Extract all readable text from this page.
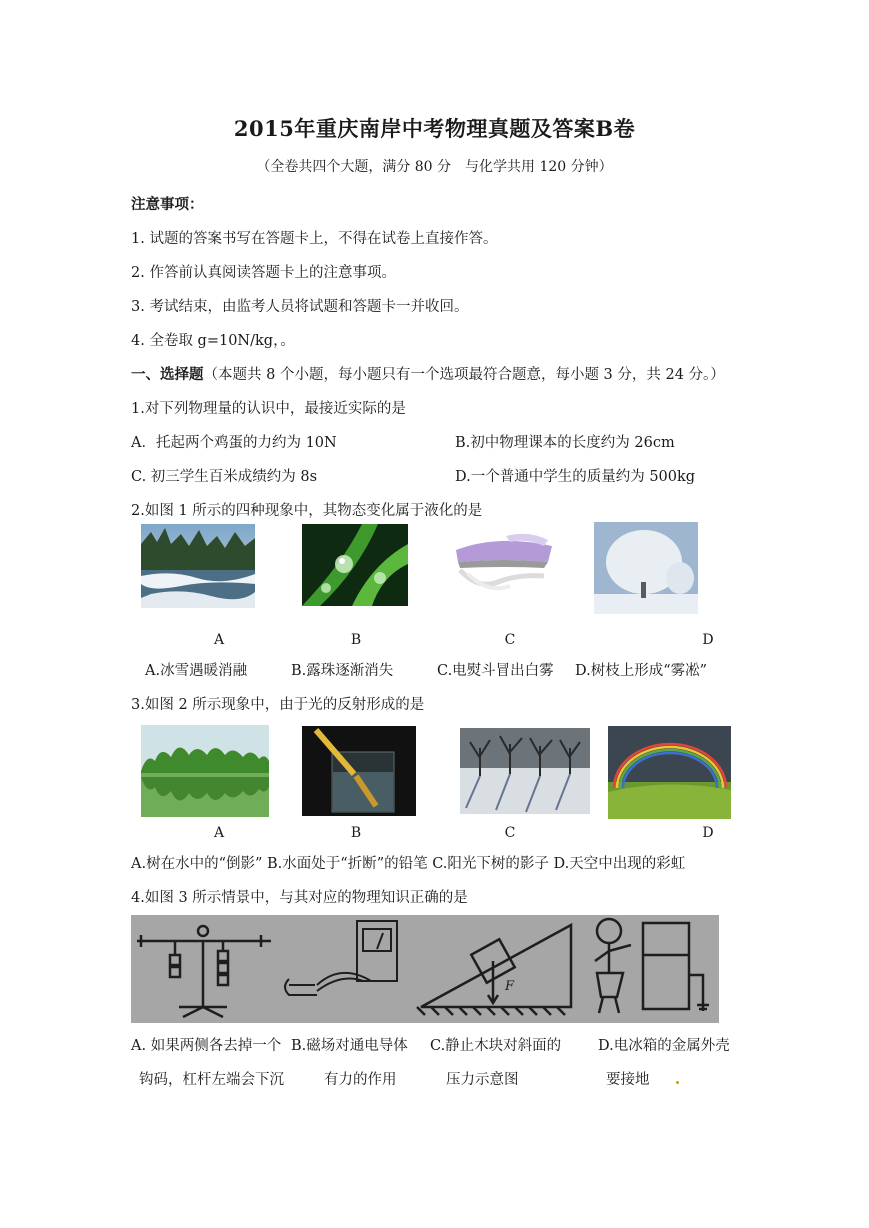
2015年重庆南岸中考物理真题及答案B卷
（全卷共四个大题，满分 80 分　与化学共用 120 分钟）
注意事项：
1. 试题的答案书写在答题卡上，不得在试卷上直接作答。
2. 作答前认真阅读答题卡上的注意事项。
3. 考试结束，由监考人员将试题和答题卡一并收回。
4. 全卷取 g=10N/kg，。
一、选择题（本题共 8 个小题，每小题只有一个选项最符合题意，每小题 3 分，共 24 分。）
1.对下列物理量的认识中，最接近实际的是
A．托起两个鸡蛋的力约为 10N	B.初中物理课本的长度约为 26cm
C. 初三学生百米成绩约为 8s	D.一个普通中学生的质量约为 500kg
2.如图 1 所示的四种现象中，其物态变化属于液化的是
A	B	C	D
A.冰雪遇暖消融	B.露珠逐渐消失	C.电熨斗冒出白雾 D.树枝上形成“雾凇”
3.如图 2 所示现象中，由于光的反射形成的是
A	B	C	D
A.树在水中的“倒影” B.水面处于“折断”的铅笔 C.阳光下树的影子 D.天空中出现的彩虹
4.如图 3 所示情景中，与其对应的物理知识正确的是
F
A. 如果两侧各去掉一个 B.磁场对通电导体 C.静止木块对斜面的	D.电冰箱的金属外壳
钩码，杠杆左端会下沉	有力的作用	压力示意图	要接地
